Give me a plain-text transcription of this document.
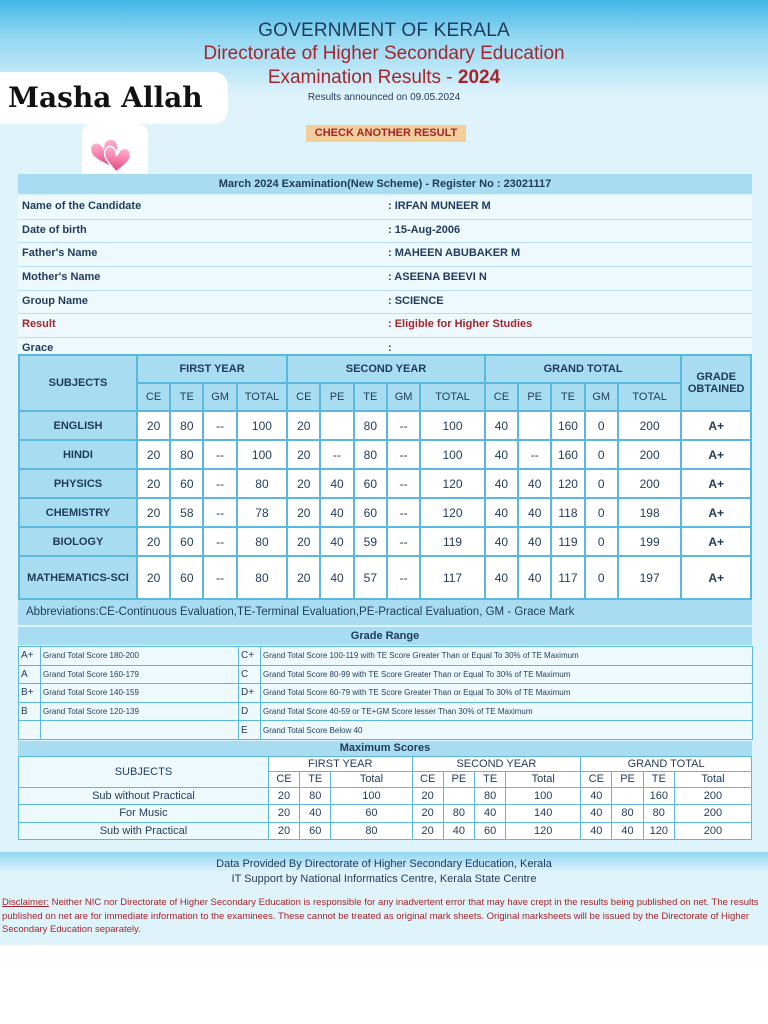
GOVERNMENT OF KERALA
Directorate of Higher Secondary Education
Examination Results - 2024
Results announced on 09.05.2024
Masha Allah
CHECK ANOTHER RESULT
March 2024 Examination(New Scheme) - Register No : 23021117
Name of the Candidate	: IRFAN MUNEER M
Date of birth	: 15-Aug-2006
Father's Name	: MAHEEN ABUBAKER M
Mother's Name	: ASEENA BEEVI N
Group Name	: SCIENCE
Result	: Eligible for Higher Studies
Grace	:
SUBJECTS	FIRST YEAR				SECOND YEAR					GRAND TOTAL					GRADE OBTAINED
	CE	TE	GM	TOTAL	CE	PE	TE	GM	TOTAL	CE	PE	TE	GM	TOTAL	
ENGLISH	20	80	--	100	20		80	--	100	40		160	0	200	A+
HINDI	20	80	--	100	20	--	80	--	100	40	--	160	0	200	A+
PHYSICS	20	60	--	80	20	40	60	--	120	40	40	120	0	200	A+
CHEMISTRY	20	58	--	78	20	40	60	--	120	40	40	118	0	198	A+
BIOLOGY	20	60	--	80	20	40	59	--	119	40	40	119	0	199	A+
MATHEMATICS-SCI	20	60	--	80	20	40	57	--	117	40	40	117	0	197	A+
Abbreviations:CE-Continuous Evaluation,TE-Terminal Evaluation,PE-Practical Evaluation, GM - Grace Mark
Grade Range
A+	Grand Total Score 180-200	C+	Grand Total Score 100-119 with TE Score Greater Than or Equal To 30% of TE Maximum
A	Grand Total Score 160-179	C	Grand Total Score 80-99 with TE Score Greater Than or Equal To 30% of TE Maximum
B+	Grand Total Score 140-159	D+	Grand Total Score 60-79 with TE Score Greater Than or Equal To 30% of TE Maximum
B	Grand Total Score 120-139	D	Grand Total Score 40-59 or TE+GM Score lesser Than 30% of TE Maximum
		E	Grand Total Score Below 40
Maximum Scores
SUBJECTS	FIRST YEAR			SECOND YEAR				GRAND TOTAL			
	CE	TE	Total	CE	PE	TE	Total	CE	PE	TE	Total
Sub without Practical	20	80	100	20		80	100	40		160	200
For Music	20	40	60	20	80	40	140	40	80	80	200
Sub with Practical	20	60	80	20	40	60	120	40	40	120	200
Data Provided By Directorate of Higher Secondary Education, Kerala
IT Support by National Informatics Centre, Kerala State Centre
Disclaimer: Neither NIC nor Directorate of Higher Secondary Education is responsible for any inadvertent error that may have crept in the results being published on net. The results published on net are for immediate information to the examinees. These cannot be treated as original mark sheets. Original marksheets will be issued by the Directorate of Higher Secondary Education separately.
